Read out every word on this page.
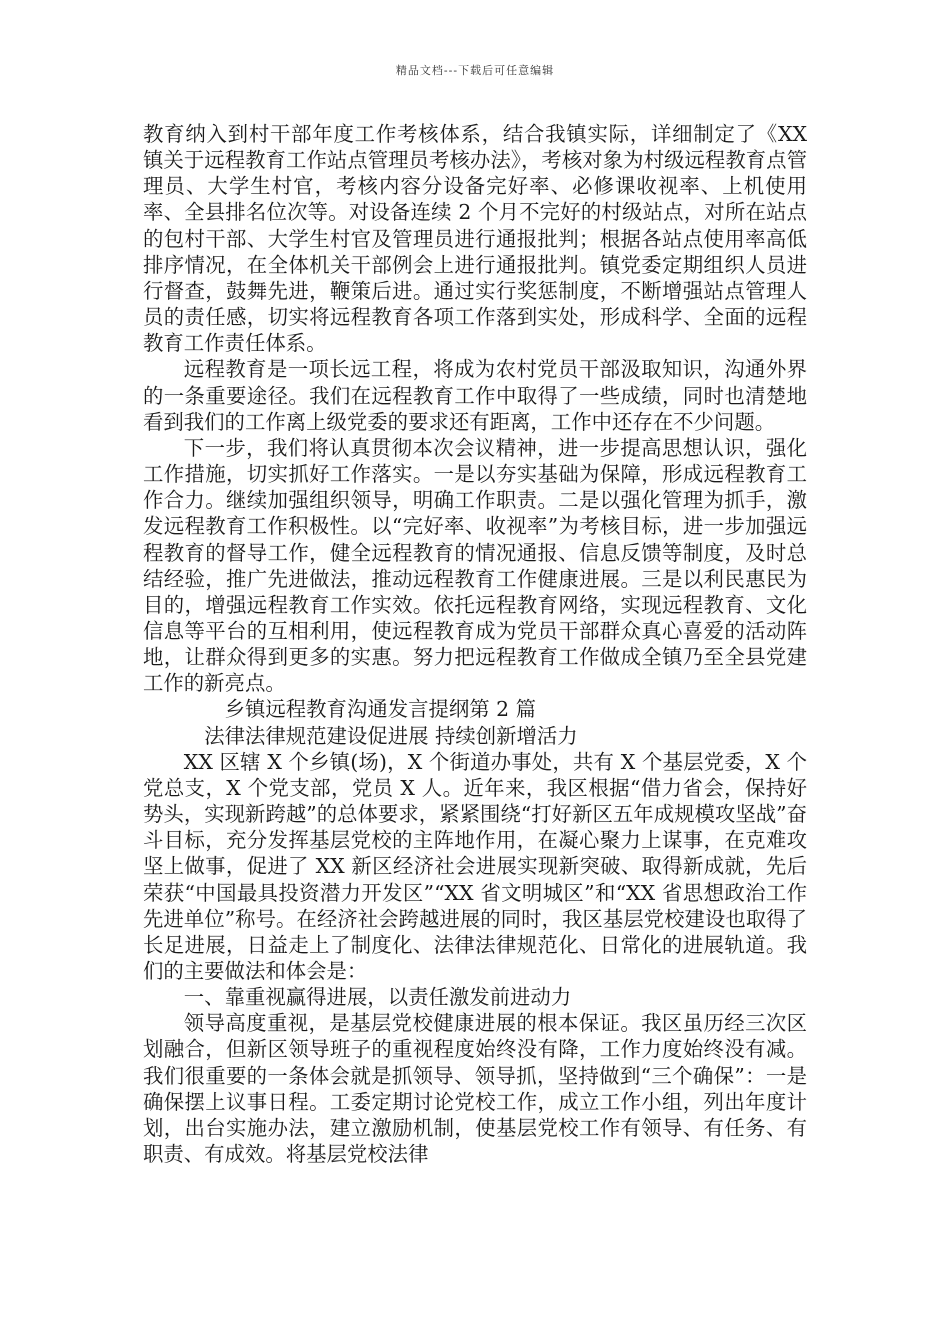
精品文档---下载后可任意编辑

教育纳入到村干部年度工作考核体系，结合我镇实际，详细制定了《XX 镇关于远程教育工作站点管理员考核办法》，考核对象为村级远程教育点管理员、大学生村官，考核内容分设备完好率、必修课收视率、上机使用率、全县排名位次等。对设备连续 2 个月不完好的村级站点，对所在站点的包村干部、大学生村官及管理员进行通报批判；根据各站点使用率高低排序情况，在全体机关干部例会上进行通报批判。镇党委定期组织人员进行督查，鼓舞先进，鞭策后进。通过实行奖惩制度，不断增强站点管理人员的责任感，切实将远程教育各项工作落到实处，形成科学、全面的远程教育工作责任体系。

远程教育是一项长远工程，将成为农村党员干部汲取知识，沟通外界的一条重要途径。我们在远程教育工作中取得了一些成绩，同时也清楚地看到我们的工作离上级党委的要求还有距离，工作中还存在不少问题。

下一步，我们将认真贯彻本次会议精神，进一步提高思想认识，强化工作措施，切实抓好工作落实。一是以夯实基础为保障，形成远程教育工作合力。继续加强组织领导，明确工作职责。二是以强化管理为抓手，激发远程教育工作积极性。以“完好率、收视率”为考核目标，进一步加强远程教育的督导工作，健全远程教育的情况通报、信息反馈等制度，及时总结经验，推广先进做法，推动远程教育工作健康进展。三是以利民惠民为目的，增强远程教育工作实效。依托远程教育网络，实现远程教育、文化信息等平台的互相利用，使远程教育成为党员干部群众真心喜爱的活动阵地，让群众得到更多的实惠。努力把远程教育工作做成全镇乃至全县党建工作的新亮点。

乡镇远程教育沟通发言提纲第 2 篇

法律法律规范建设促进展 持续创新增活力

XX 区辖 X 个乡镇(场)，X 个街道办事处，共有 X 个基层党委，X 个党总支，X 个党支部，党员 X 人。近年来，我区根据“借力省会，保持好势头，实现新跨越”的总体要求，紧紧围绕“打好新区五年成规模攻坚战”奋斗目标，充分发挥基层党校的主阵地作用，在凝心聚力上谋事，在克难攻坚上做事，促进了 XX 新区经济社会进展实现新突破、取得新成就，先后荣获“中国最具投资潜力开发区”“XX 省文明城区”和“XX 省思想政治工作先进单位”称号。在经济社会跨越进展的同时，我区基层党校建设也取得了长足进展，日益走上了制度化、法律法律规范化、日常化的进展轨道。我们的主要做法和体会是：

一、靠重视赢得进展，以责任激发前进动力

领导高度重视，是基层党校健康进展的根本保证。我区虽历经三次区划融合，但新区领导班子的重视程度始终没有降，工作力度始终没有减。我们很重要的一条体会就是抓领导、领导抓，坚持做到“三个确保”：一是确保摆上议事日程。工委定期讨论党校工作，成立工作小组，列出年度计划，出台实施办法，建立激励机制，使基层党校工作有领导、有任务、有职责、有成效。将基层党校法律
